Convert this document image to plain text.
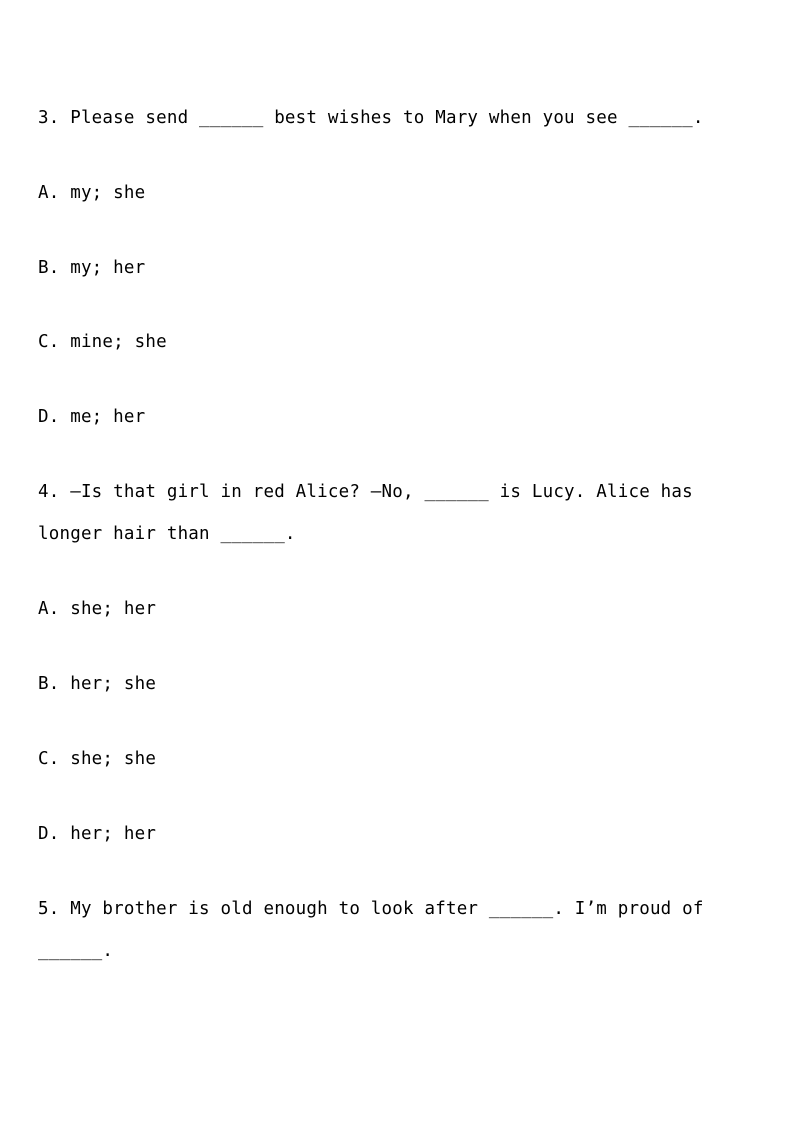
3. Please send ______ best wishes to Mary when you see ______.
A. my; she
B. my; her
C. mine; she
D. me; her
4. —Is that girl in red Alice? —No, ______ is Lucy. Alice has
longer hair than ______.
A. she; her
B. her; she
C. she; she
D. her; her
5. My brother is old enough to look after ______. I’m proud of
______.
